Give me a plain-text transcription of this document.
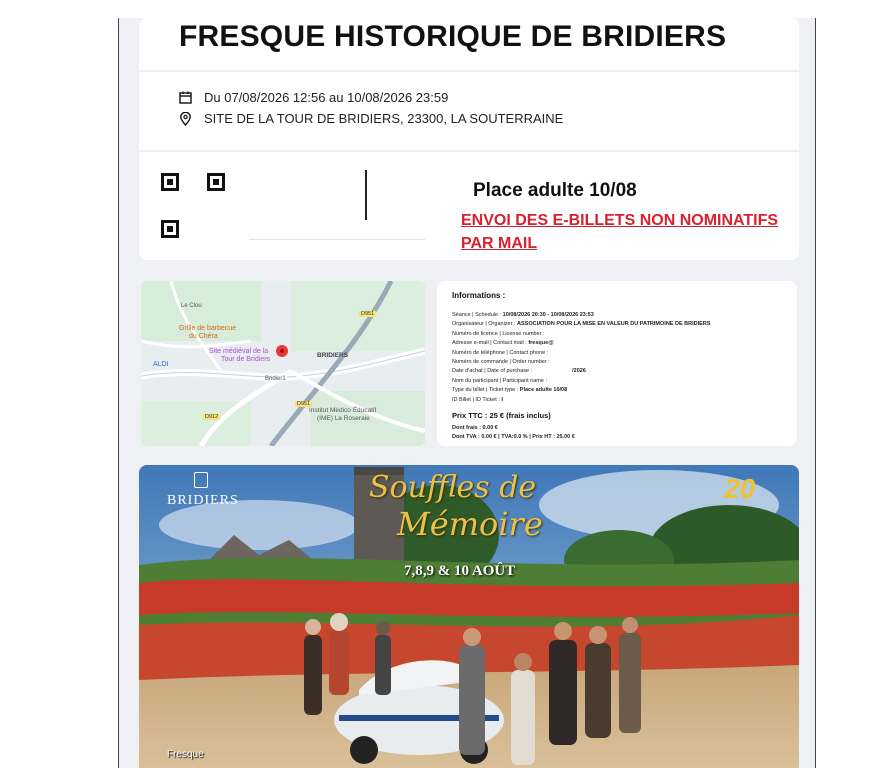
FRESQUE HISTORIQUE DE BRIDIERS
Du 07/08/2026 12:56 au 10/08/2026 23:59
SITE DE LA TOUR DE BRIDIERS, 23300, LA SOUTERRAINE
Place adulte 10/08
ENVOI DES E-BILLETS NON NOMINATIFS
PAR MAIL
Grille de barbecue
du Chéra
Site médiéval de la
Tour de Bridiers
BRIDIERS
ALDI
Bridier1
D912
D951
D951
Institut Médico Éducatif
(IME) La Roseraie
Le Clou
Informations :
Séance | Schedule : 10/08/2026 20:30 - 10/08/2026 23:53
Organisateur | Organizer : ASSOCIATION POUR LA MISE EN VALEUR DU PATRIMOINE DE BRIDIERS
Numéro de licence | License number :
Adresse e-mail | Contact mail : fresque@
Numéro de téléphone | Contact phone :
Numéro de commande | Order number :
Date d'achat | Date of purchase :	/2026
Nom du participant | Participant name :
Type du billet | Ticket type : Place adulte 10/08
ID Billet | ID Ticket : I
Prix TTC : 25 € (frais inclus)
Dont frais : 0.00 €
Dont TVA : 0.00 € | TVA:0.0 % | Prix HT : 25.00 €
BRIDIERS	Souffles de
Mémoire
7,8,9 & 10 AOÛT
20
Fresque
